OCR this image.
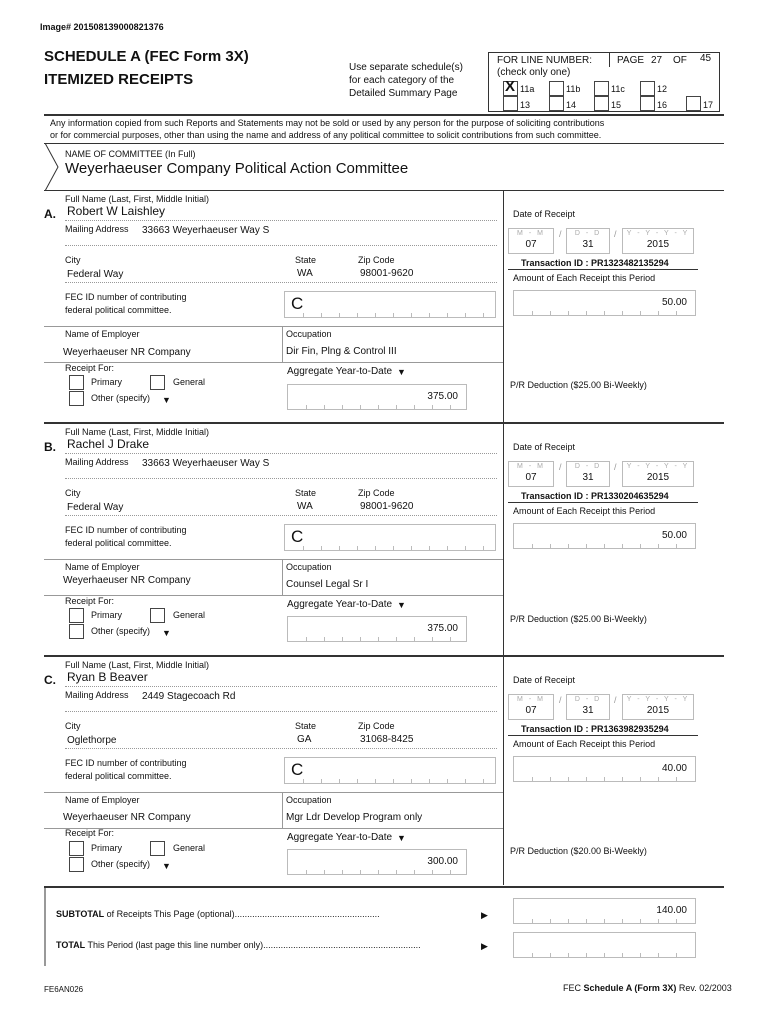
Image# 201508139000821376
SCHEDULE A (FEC Form 3X)
ITEMIZED RECEIPTS
Use separate schedule(s)
for each category of the
Detailed Summary Page
FOR LINE NUMBER:
(check only one)
PAGE 27 OF 45
X 11a	11b	11c	12
13	14	15	16	17
Any information copied from such Reports and Statements may not be sold or used by any person for the purpose of soliciting contributions
or for commercial purposes, other than using the name and address of any political committee to solicit contributions from such committee.
NAME OF COMMITTEE (In Full)
Weyerhaeuser Company Political Action Committee
Full Name (Last, First, Middle Initial)
A. Robert W Laishley
Mailing Address 33663 Weyerhaeuser Way S
City	State	Zip Code
Federal Way	WA	98001-9620
FEC ID number of contributing
federal political committee.	C
Name of Employer	Occupation
Weyerhaeuser NR Company	Dir Fin, Plng & Control III
Receipt For:
Primary	General
Other (specify) ▼
Aggregate Year-to-Date ▼
375.00
Date of Receipt
M - M
07
/	D - D
31
/	Y - Y - Y - Y
2015
Transaction ID : PR1323482135294
Amount of Each Receipt this Period
50.00
P/R Deduction ($25.00 Bi-Weekly)
Full Name (Last, First, Middle Initial)
B. Rachel J Drake
Mailing Address 33663 Weyerhaeuser Way S
City	State	Zip Code
Federal Way	WA	98001-9620
FEC ID number of contributing
federal political committee.	C
Name of Employer	Occupation
Weyerhaeuser NR Company	Counsel Legal Sr I
Receipt For:
Primary	General
Other (specify) ▼
Aggregate Year-to-Date ▼
375.00
Date of Receipt
M - M
07
/	D - D
31
/	Y - Y - Y - Y
2015
Transaction ID : PR1330204635294
Amount of Each Receipt this Period
50.00
P/R Deduction ($25.00 Bi-Weekly)
Full Name (Last, First, Middle Initial)
C. Ryan B Beaver
Mailing Address 2449 Stagecoach Rd
City	State	Zip Code
Oglethorpe	GA	31068-8425
FEC ID number of contributing
federal political committee.	C
Name of Employer	Occupation
Weyerhaeuser NR Company	Mgr Ldr Develop Program only
Receipt For:
Primary	General
Other (specify) ▼
Aggregate Year-to-Date ▼
300.00
Date of Receipt
M - M
07
/	D - D
31
/	Y - Y - Y - Y
2015
Transaction ID : PR1363982935294
Amount of Each Receipt this Period
40.00
P/R Deduction ($20.00 Bi-Weekly)
SUBTOTAL of Receipts This Page (optional)..........................................................	▶	140.00
TOTAL This Period (last page this line number only)...............................................................	▶
FE6AN026	FEC Schedule A (Form 3X) Rev. 02/2003
